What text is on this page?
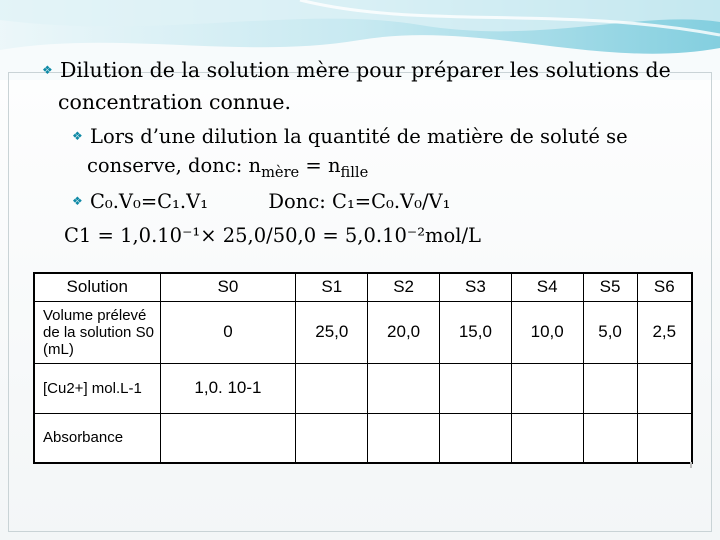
❖ Dilution de la solution mère pour préparer les solutions de
concentration connue.
❖ Lors d’une dilution la quantité de matière de soluté se
conserve, donc: $n_{mère} = n_{fille}$
❖ C₀.V₀=C₁.V₁	Donc: C₁=C₀.V₀/V₁
C1 = 1,0.10⁻¹× 25,0/50,0 = 5,0.10⁻²mol/L
Solution	S0	S1	S2	S3	S4	S5	S6
Volume prélevé de la solution S0 (mL)	0	25,0	20,0	15,0	10,0	5,0	2,5
[Cu2+] mol.L-1	1,0. 10-1						
Absorbance							
